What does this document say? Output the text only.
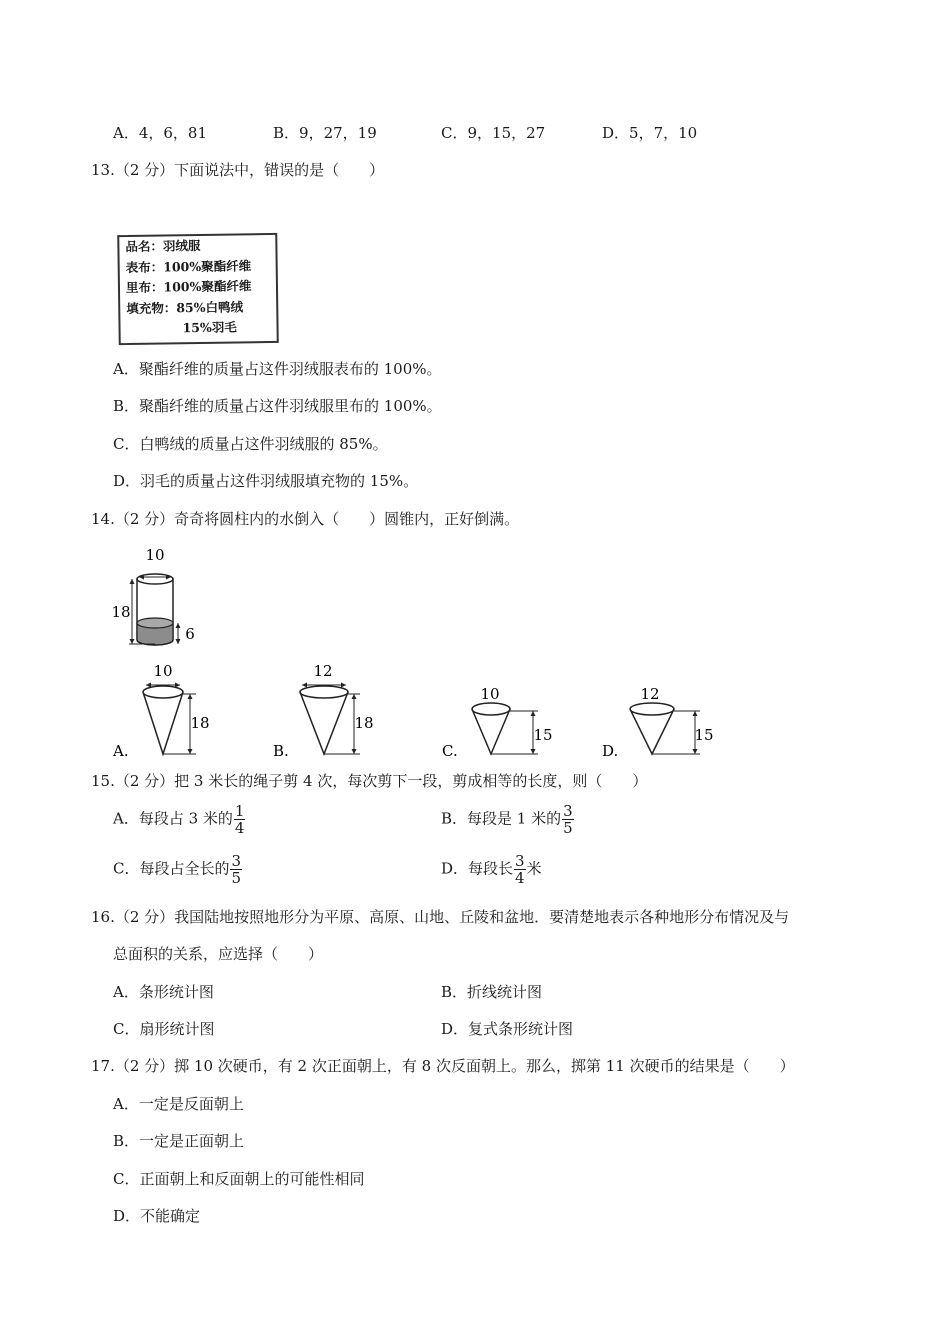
A．4，6，81	B．9，27，19	C．9，15，27	D．5，7，10
13.（2 分）下面说法中，错误的是（　　）
品名：羽绒服
表布：100%聚酯纤维
里布：100%聚酯纤维
填充物：85%白鸭绒
15%羽毛
A．聚酯纤维的质量占这件羽绒服表布的 100%。
B．聚酯纤维的质量占这件羽绒服里布的 100%。
C．白鸭绒的质量占这件羽绒服的 85%。
D．羽毛的质量占这件羽绒服填充物的 15%。
14.（2 分）奇奇将圆柱内的水倒入（　　）圆锥内，正好倒满。
10
18
6
A.
10
18
B.
12
18
C.
10
15
D.
12
15
15.（2 分）把 3 米长的绳子剪 4 次，每次剪下一段，剪成相等的长度，则（　　）
A．每段占 3 米的 $\frac{1}{4}$	B．每段是 1 米的 $\frac{3}{5}$
C．每段占全长的 $\frac{3}{5}$	D．每段长 $\frac{3}{4}$ 米
16.（2 分）我国陆地按照地形分为平原、高原、山地、丘陵和盆地．要清楚地表示各种地形分布情况及与
总面积的关系，应选择（　　）
A．条形统计图	B．折线统计图
C．扇形统计图	D．复式条形统计图
17.（2 分）掷 10 次硬币，有 2 次正面朝上，有 8 次反面朝上。那么，掷第 11 次硬币的结果是（　　）
A．一定是反面朝上
B．一定是正面朝上
C．正面朝上和反面朝上的可能性相同
D．不能确定
